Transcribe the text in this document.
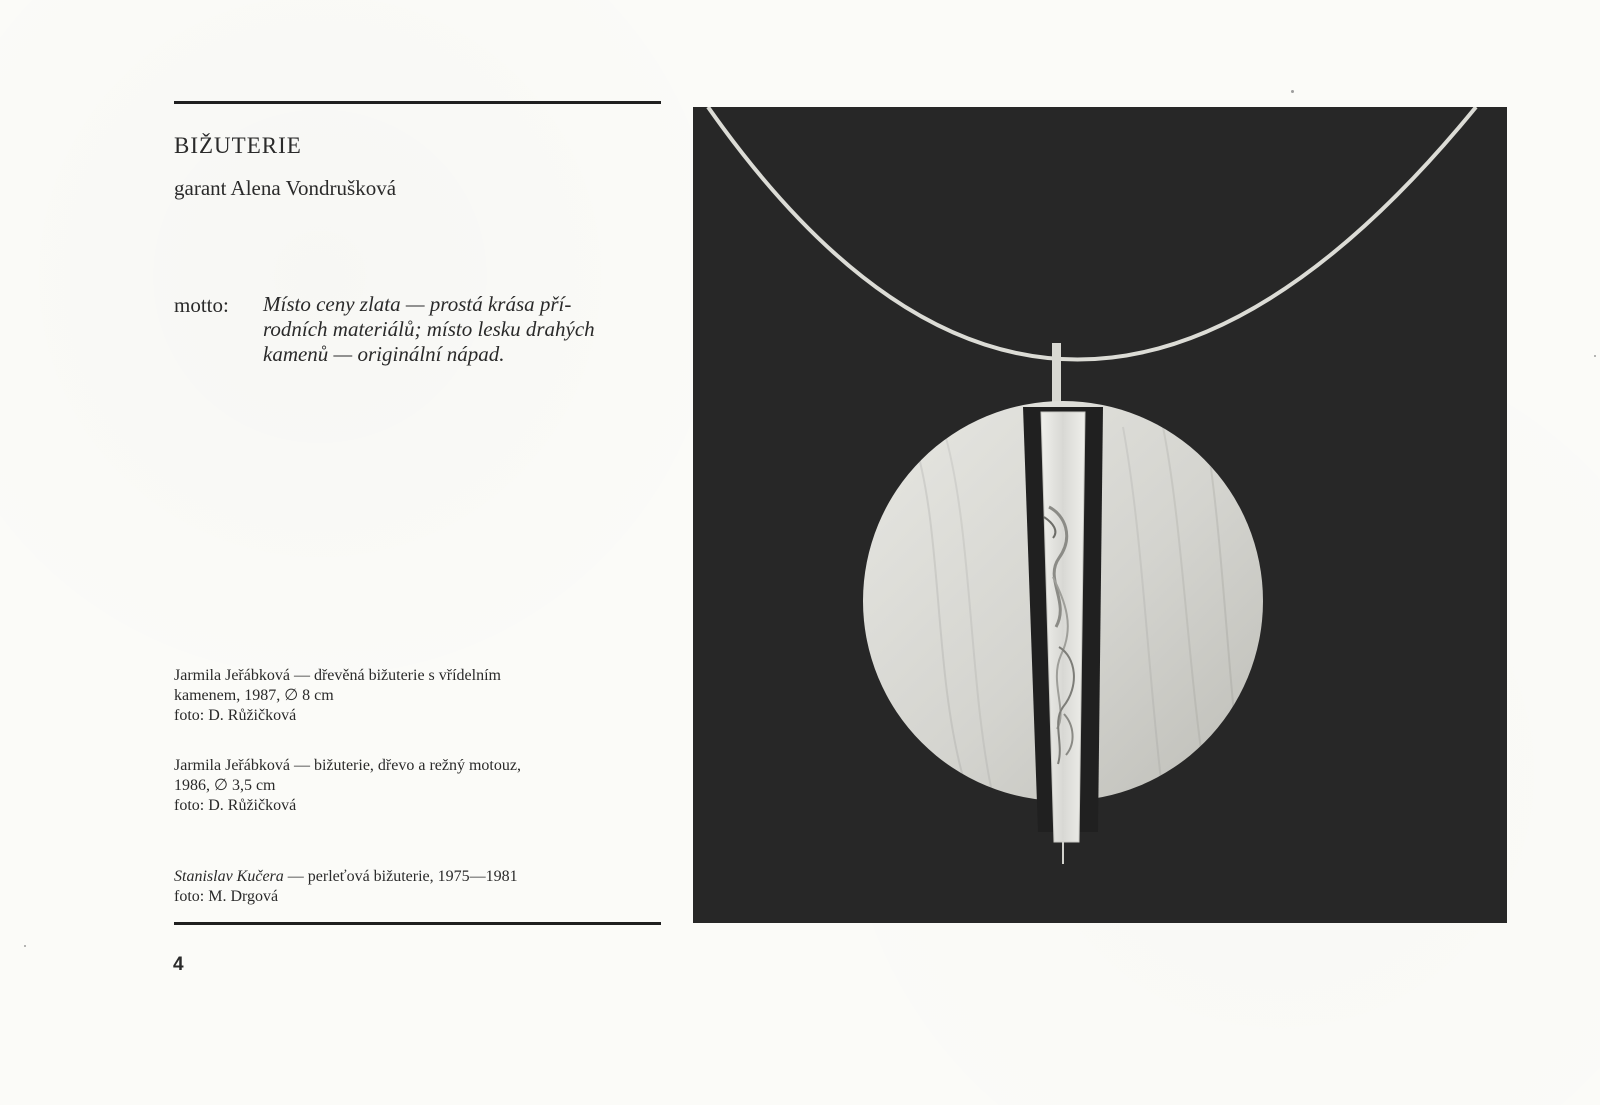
BIŽUTERIE
garant Alena Vondrušková
motto: Místo ceny zlata — prostá krása pří-
rodních materiálů; místo lesku drahých
kamenů — originální nápad.
Jarmila Jeřábková — dřevěná bižuterie s vřídelním
kamenem, 1987, ∅ 8 cm
foto: D. Růžičková
Jarmila Jeřábková — bižuterie, dřevo a režný motouz,
1986, ∅ 3,5 cm
foto: D. Růžičková

Stanislav Kučera — perleťová bižuterie, 1975—1981
foto: M. Drgová

4
